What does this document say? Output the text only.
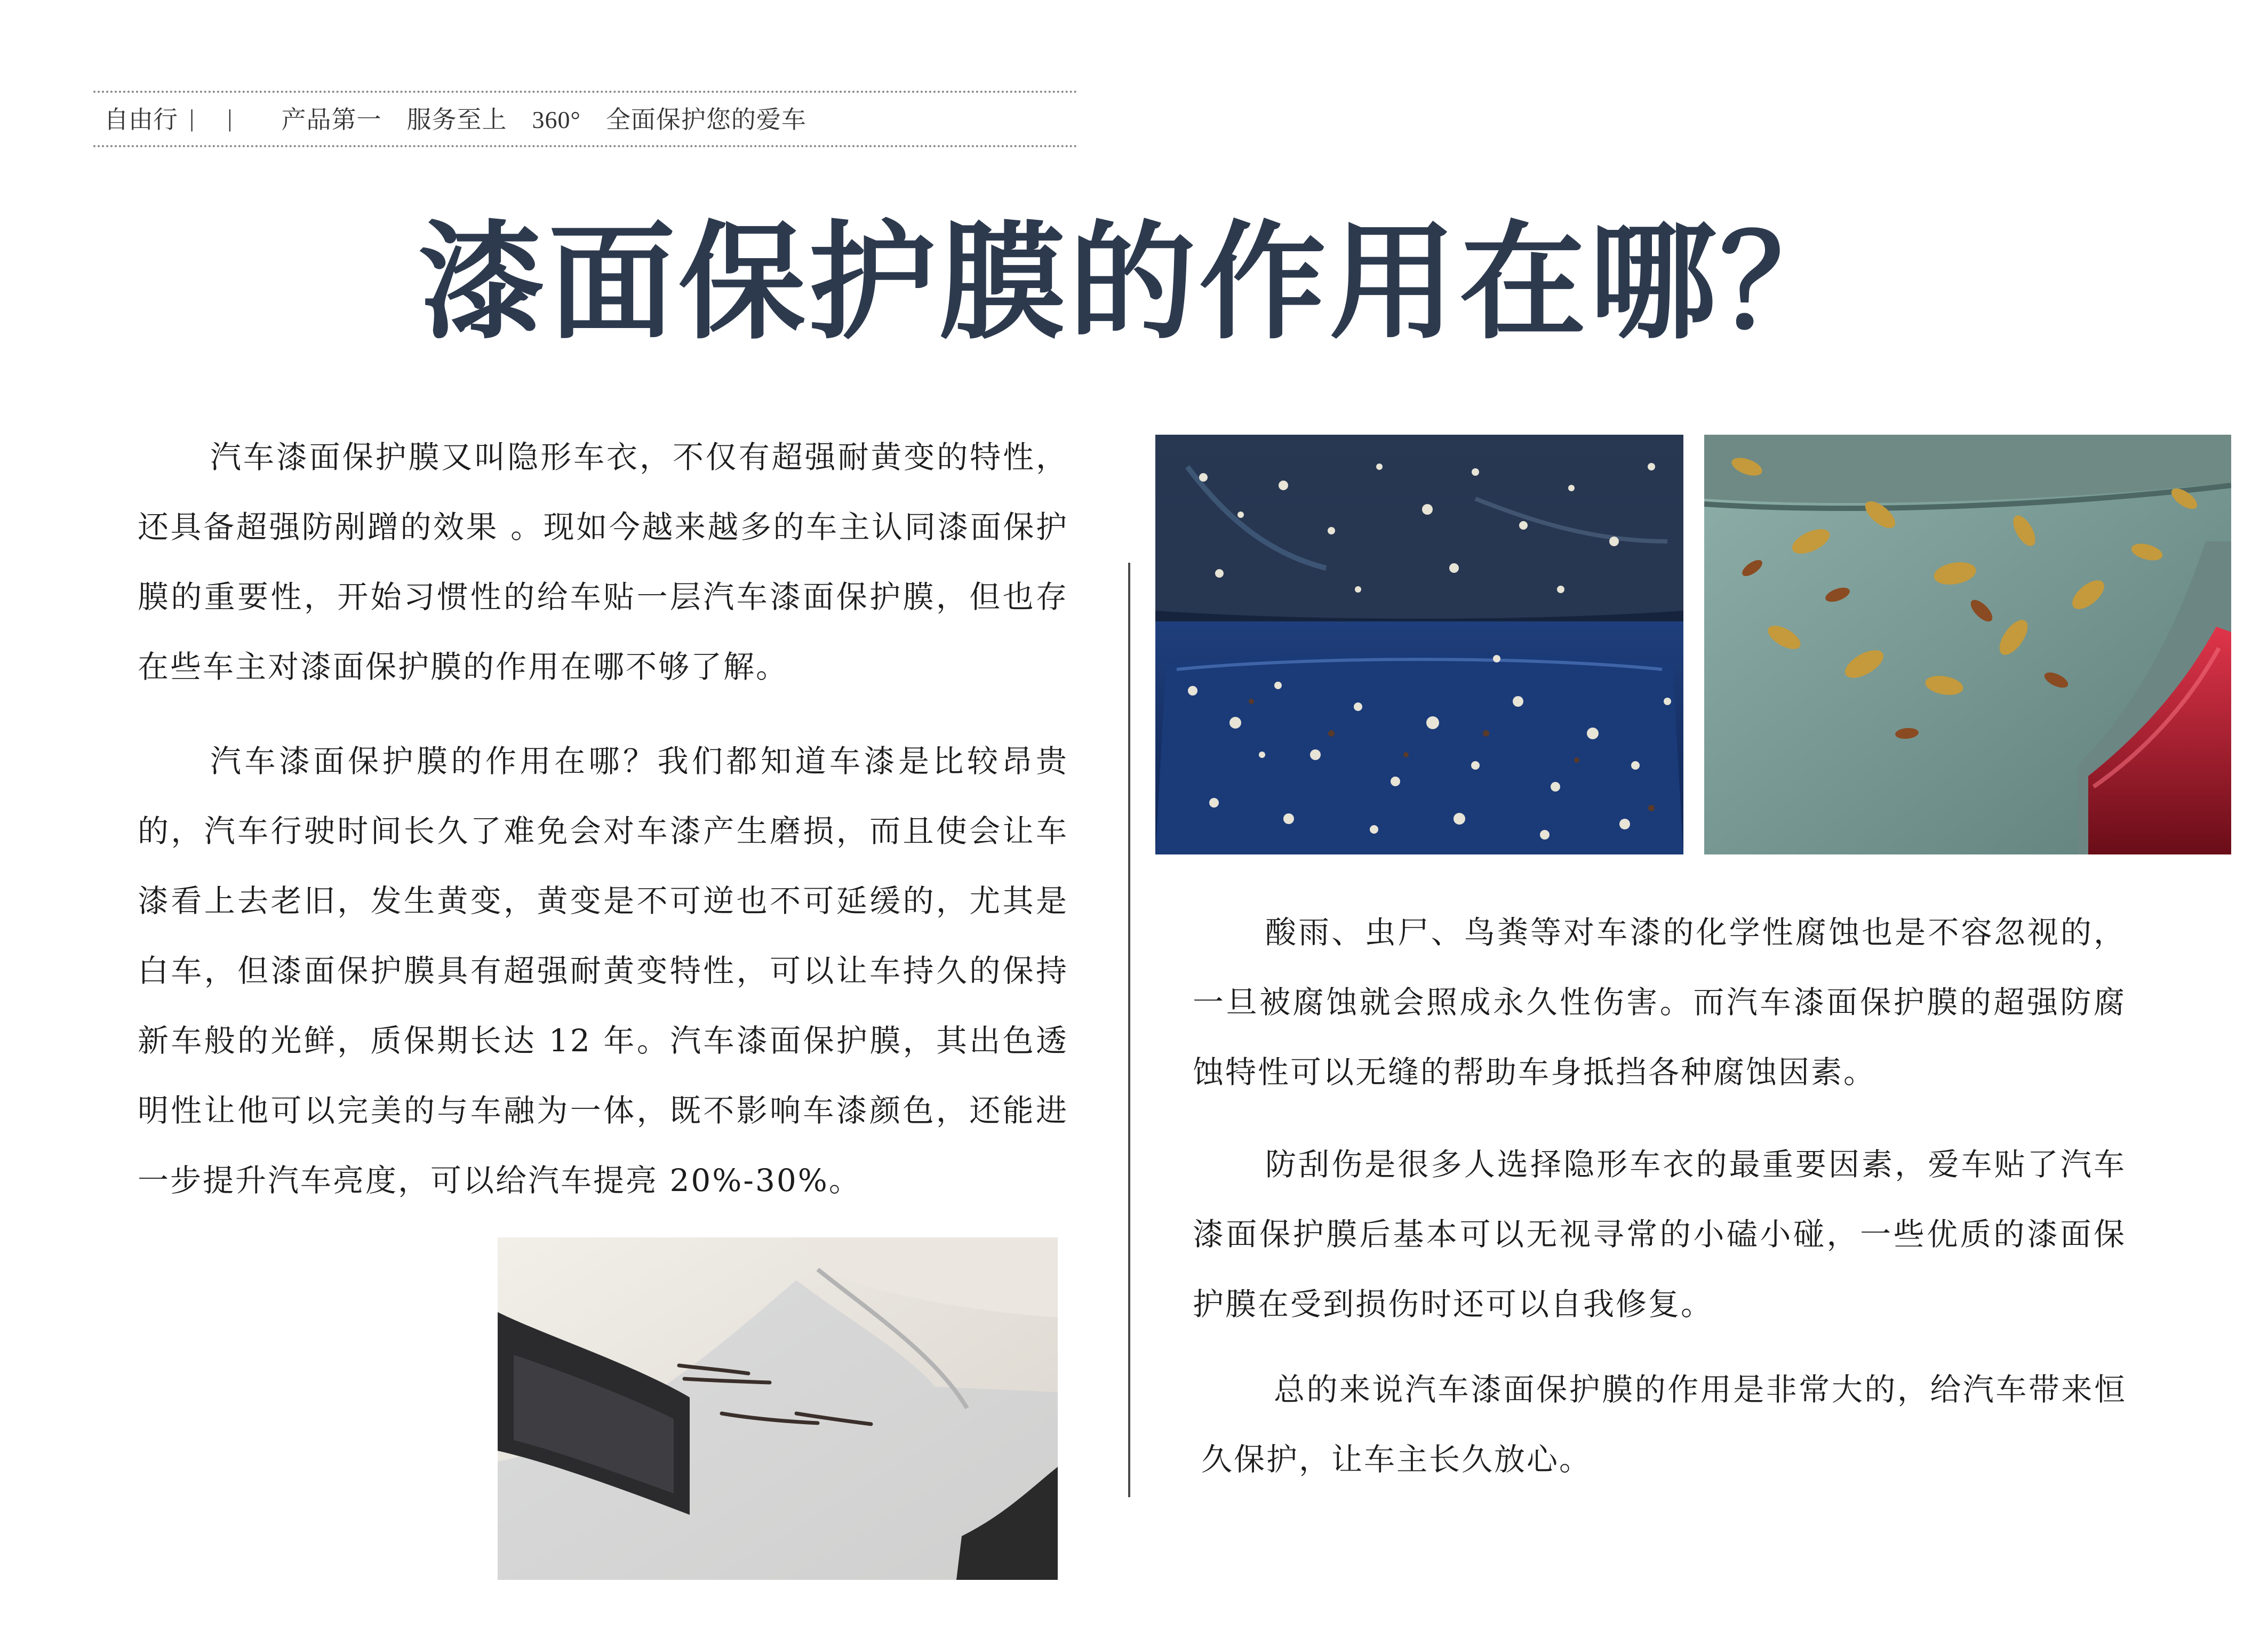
自由行 | | 产品第一　服务至上　360°　全面保护您的爱车
漆面保护膜的作用在哪？

汽车漆面保护膜又叫隐形车衣，不仅有超强耐黄变的特性，还具备超强防剐蹭的效果 。现如今越来越多的车主认同漆面保护膜的重要性，开始习惯性的给车贴一层汽车漆面保护膜，但也存在些车主对漆面保护膜的作用在哪不够了解。

汽车漆面保护膜的作用在哪？我们都知道车漆是比较昂贵的，汽车行驶时间长久了难免会对车漆产生磨损，而且使会让车漆看上去老旧，发生黄变，黄变是不可逆也不可延缓的，尤其是白车，但漆面保护膜具有超强耐黄变特性，可以让车持久的保持新车般的光鲜，质保期长达 12 年。汽车漆面保护膜，其出色透明性让他可以完美的与车融为一体，既不影响车漆颜色，还能进一步提升汽车亮度，可以给汽车提亮 20%-30%。

酸雨、虫尸、鸟粪等对车漆的化学性腐蚀也是不容忽视的，一旦被腐蚀就会照成永久性伤害。而汽车漆面保护膜的超强防腐蚀特性可以无缝的帮助车身抵挡各种腐蚀因素。

防刮伤是很多人选择隐形车衣的最重要因素，爱车贴了汽车漆面保护膜后基本可以无视寻常的小磕小碰，一些优质的漆面保护膜在受到损伤时还可以自我修复。

总的来说汽车漆面保护膜的作用是非常大的，给汽车带来恒久保护，让车主长久放心。
